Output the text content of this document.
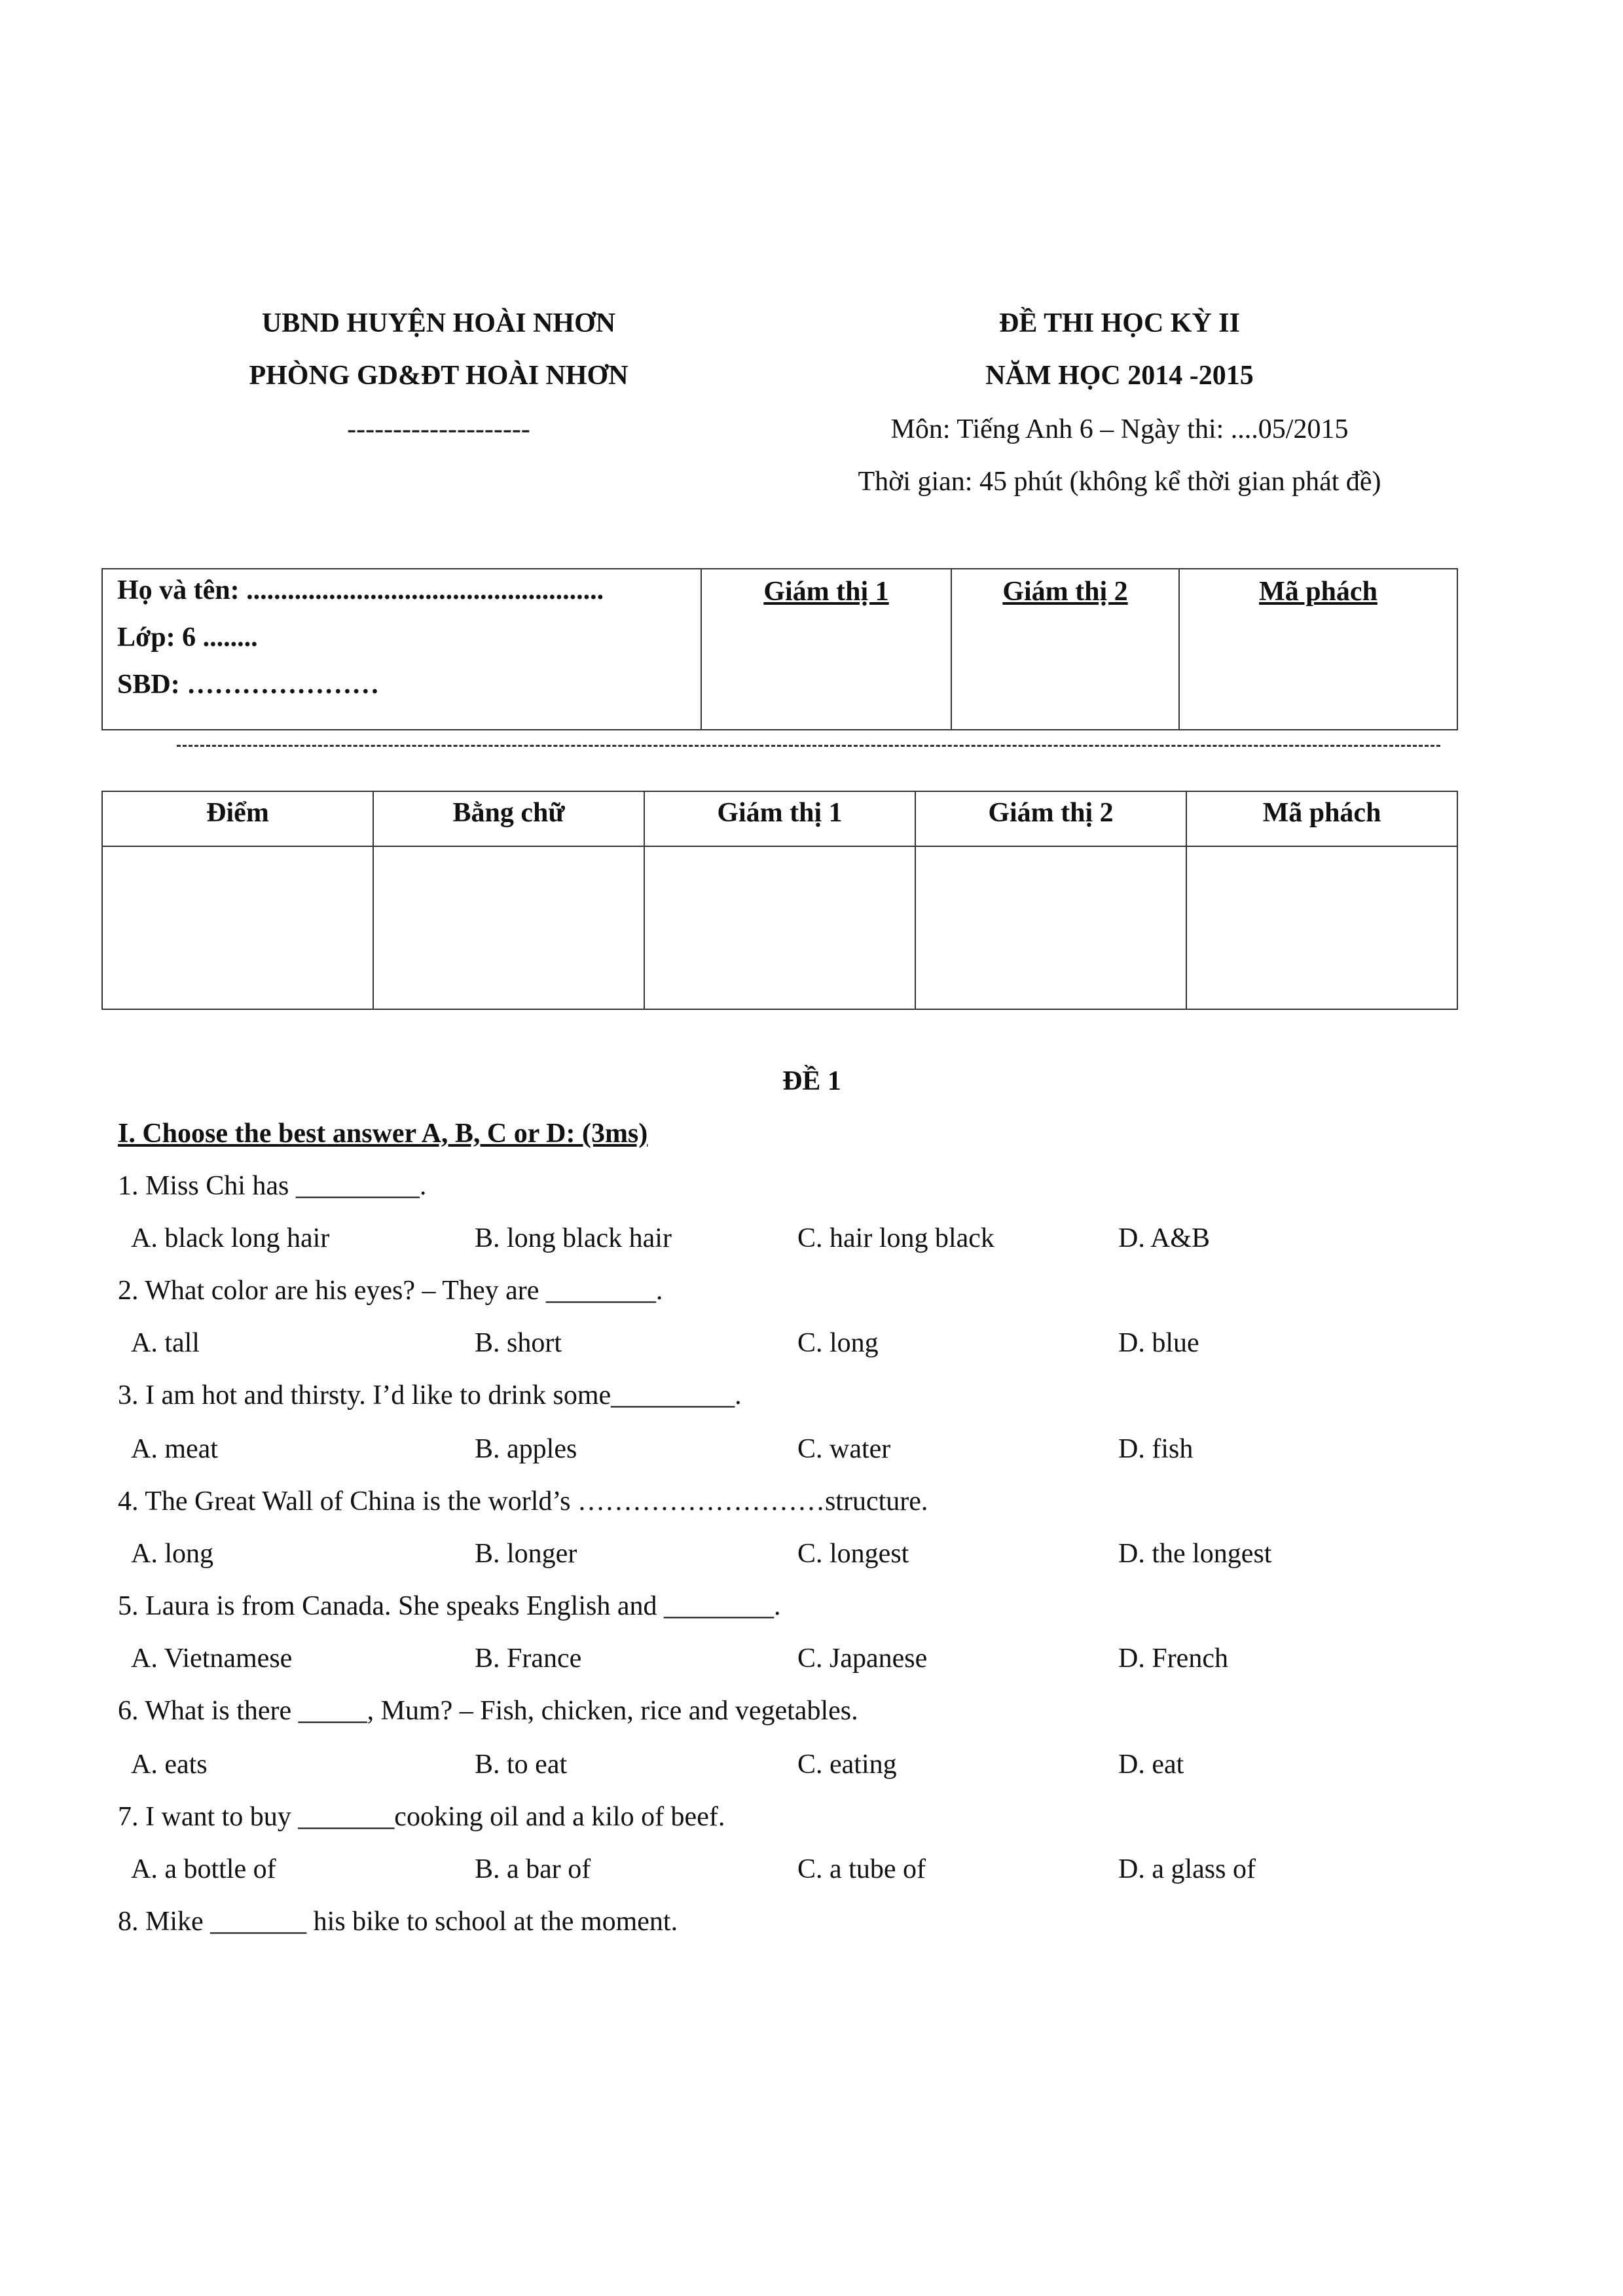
UBND HUYỆN HOÀI NHƠN
PHÒNG GD&ĐT HOÀI NHƠN
--------------------
ĐỀ THI HỌC KỲ II
NĂM HỌC 2014 -2015
Môn: Tiếng Anh 6 – Ngày thi: ....05/2015
Thời gian: 45 phút (không kể thời gian phát đề)
Họ và tên: ....................................................
Lớp: 6 ........
SBD: …………………
Giám thị 1	Giám thị 2	Mã phách
Điểm	Bằng chữ	Giám thị 1	Giám thị 2	Mã phách
ĐỀ 1
I. Choose the best answer A, B, C or D: (3ms)
1. Miss Chi has _________.
A. black long hair	B. long black hair	C. hair long black	D. A&B
2. What color are his eyes? – They are ________.
A. tall	B. short	C. long	D. blue
3. I am hot and thirsty. I’d like to drink some_________.
A. meat	B. apples	C. water	D. fish
4. The Great Wall of China is the world’s ………………………structure.
A. long	B. longer	C. longest	D. the longest
5. Laura is from Canada. She speaks English and ________.
A. Vietnamese	B. France	C. Japanese	D. French
6. What is there _____, Mum? – Fish, chicken, rice and vegetables.
A. eats	B. to eat	C. eating	D. eat
7. I want to buy _______cooking oil and a kilo of beef.
A. a bottle of	B. a bar of	C. a tube of	D. a glass of
8. Mike _______ his bike to school at the moment.
